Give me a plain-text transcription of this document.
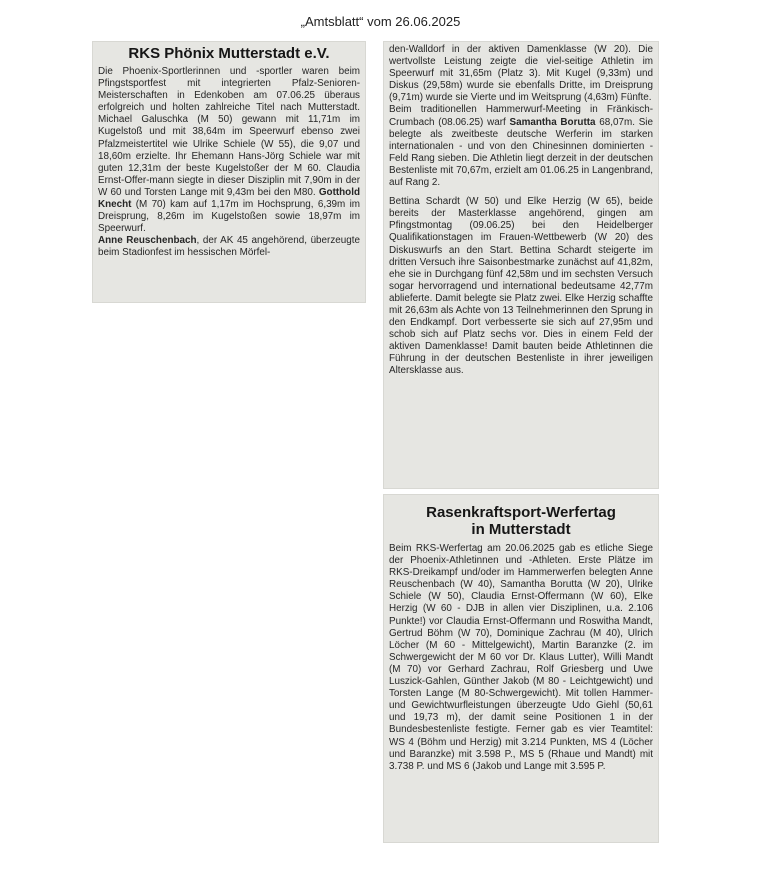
„Amtsblatt“ vom 26.06.2025
RKS Phönix Mutterstadt e.V.

Die Phoenix-Sportlerinnen und -sportler waren beim Pfingstsportfest mit integrierten Pfalz-Senioren-Meisterschaften in Edenkoben am 07.06.25 überaus erfolgreich und holten zahlreiche Titel nach Mutterstadt. Michael Galuschka (M 50) gewann mit 11,71m im Kugelstoß und mit 38,64m im Speerwurf ebenso zwei Pfalzmeistertitel wie Ulrike Schiele (W 55), die 9,07 und 18,60m erzielte. Ihr Ehemann Hans-Jörg Schiele war mit guten 12,31m der beste Kugelstoßer der M 60. Claudia Ernst-Offer-mann siegte in dieser Disziplin mit 7,90m in der W 60 und Torsten Lange mit 9,43m bei den M80. Gotthold Knecht (M 70) kam auf 1,17m im Hochsprung, 6,39m im Dreisprung, 8,26m im Kugelstoßen sowie 18,97m im Speerwurf.

Anne Reuschenbach, der AK 45 angehörend, überzeugte beim Stadionfest im hessischen Mörfel-

den-Walldorf in der aktiven Damenklasse (W 20). Die wertvollste Leistung zeigte die viel-seitige Athletin im Speerwurf mit 31,65m (Platz 3). Mit Kugel (9,33m) und Diskus (29,58m) wurde sie ebenfalls Dritte, im Dreisprung (9,71m) wurde sie Vierte und im Weitsprung (4,63m) Fünfte.

Beim traditionellen Hammerwurf-Meeting in Fränkisch-Crumbach (08.06.25) warf Samantha Borutta 68,07m. Sie belegte als zweitbeste deutsche Werferin im starken internationalen - und von den Chinesinnen dominierten - Feld Rang sieben. Die Athletin liegt derzeit in der deutschen Bestenliste mit 70,67m, erzielt am 01.06.25 in Langenbrand, auf Rang 2.

Bettina Schardt (W 50) und Elke Herzig (W 65), beide bereits der Masterklasse angehörend, gingen am Pfingstmontag (09.06.25) bei den Heidelberger Qualifikationstagen im Frauen-Wettbewerb (W 20) des Diskuswurfs an den Start. Bettina Schardt steigerte im dritten Versuch ihre Saisonbestmarke zunächst auf 41,82m, ehe sie in Durchgang fünf 42,58m und im sechsten Versuch sogar hervorragend und international bedeutsame 42,77m ablieferte. Damit belegte sie Platz zwei. Elke Herzig schaffte mit 26,63m als Achte von 13 Teilnehmerinnen den Sprung in den Endkampf. Dort verbesserte sie sich auf 27,95m und schob sich auf Platz sechs vor. Dies in einem Feld der aktiven Damenklasse! Damit bauten beide Athletinnen die Führung in der deutschen Bestenliste in ihrer jeweiligen Altersklasse aus.

Rasenkraftsport-Werfertag
in Mutterstadt

Beim RKS-Werfertag am 20.06.2025 gab es etliche Siege der Phoenix-Athletinnen und -Athleten. Erste Plätze im RKS-Dreikampf und/oder im Hammerwerfen belegten Anne Reuschenbach (W 40), Samantha Borutta (W 20), Ulrike Schiele (W 50), Claudia Ernst-Offermann (W 60), Elke Herzig (W 60 - DJB in allen vier Disziplinen, u.a. 2.106 Punkte!) vor Claudia Ernst-Offermann und Roswitha Mandt, Gertrud Böhm (W 70), Dominique Zachrau (M 40), Ulrich Löcher (M 60 - Mittelgewicht), Martin Baranzke (2. im Schwergewicht der M 60 vor Dr. Klaus Lutter), Willi Mandt (M 70) vor Gerhard Zachrau, Rolf Griesberg und Uwe Luszick-Gahlen, Günther Jakob (M 80 - Leichtgewicht) und Torsten Lange (M 80-Schwergewicht). Mit tollen Hammer- und Gewichtwurfleistungen überzeugte Udo Giehl (50,61 und 19,73 m), der damit seine Positionen 1 in der Bundesbestenliste festigte. Ferner gab es vier Teamtitel: WS 4 (Böhm und Herzig) mit 3.214 Punkten, MS 4 (Löcher und Baranzke) mit 3.598 P., MS 5 (Rhaue und Mandt) mit 3.738 P. und MS 6 (Jakob und Lange mit 3.595 P.
